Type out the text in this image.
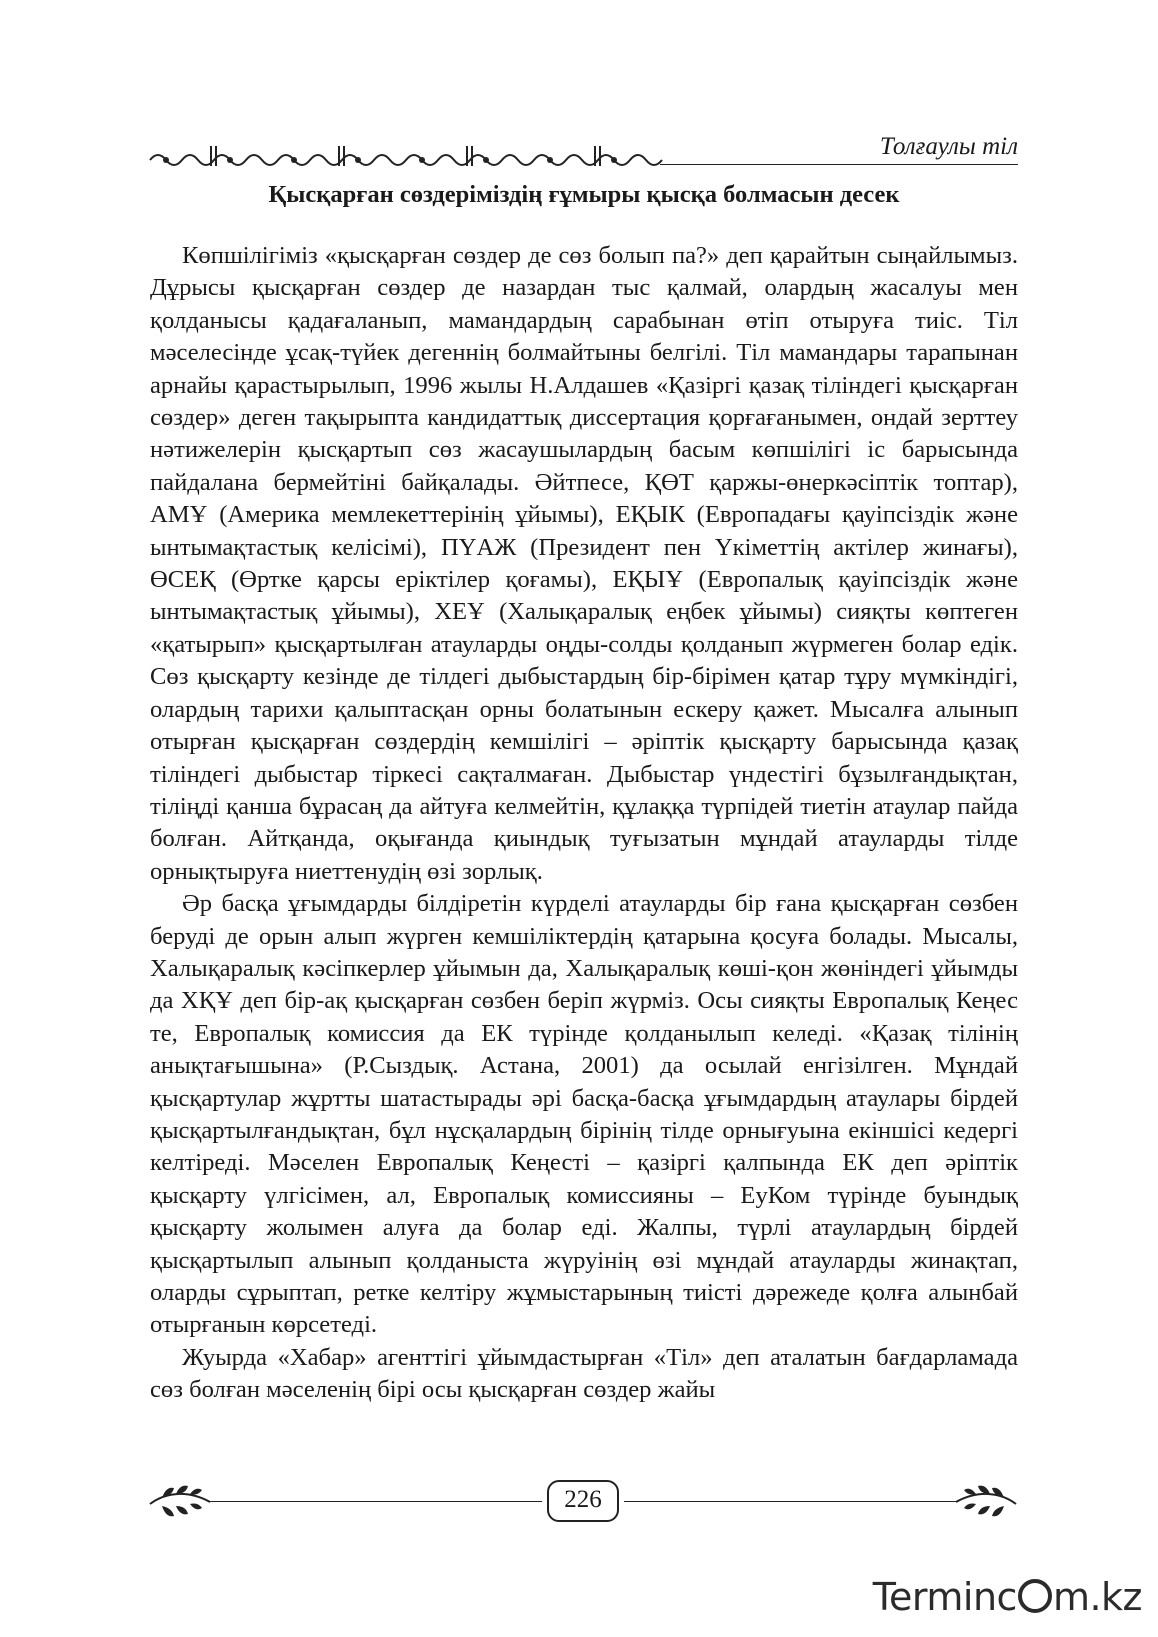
Толғаулы тіл
Қысқарған сөздеріміздің ғұмыры қысқа болмасын десек

Көпшілігіміз «қысқарған сөздер де сөз болып па?» деп қарайтын сыңайлымыз. Дұрысы қысқарған сөздер де назардан тыс қалмай, олардың жасалуы мен қолданысы қадағаланып, мамандардың сарабынан өтіп отыруға тиіс. Тіл мәселесінде ұсақ-түйек дегеннің болмайтыны белгілі. Тіл мамандары тарапынан арнайы қарастырылып, 1996 жылы Н.Алдашев «Қазіргі қазақ тіліндегі қысқарған сөздер» деген тақырыпта кандидаттық диссертация қорғағанымен, ондай зерттеу нәтижелерін қысқартып сөз жасаушылардың басым көпшілігі іс барысында пайдалана бермейтіні байқалады. Әйтпесе, ҚӨТ қаржы-өнеркәсіптік топтар), АМҰ (Америка мемлекеттерінің ұйымы), ЕҚЫК (Европадағы қауіпсіздік және ынтымақтастық келісімі), ПҮАЖ (Президент пен Үкіметтің актілер жинағы), ӨСЕҚ (Өртке қарсы еріктілер қоғамы), ЕҚЫҰ (Европалық қауіпсіздік және ынтымақтастық ұйымы), ХЕҰ (Халықаралық еңбек ұйымы) сияқты көптеген «қатырып» қысқартылған атауларды оңды-солды қолданып жүрмеген болар едік. Сөз қысқарту кезінде де тілдегі дыбыстардың бір-бірімен қатар тұру мүмкіндігі, олардың тарихи қалыптасқан орны болатынын ескеру қажет. Мысалға алынып отырған қысқарған сөздердің кемшілігі – әріптік қысқарту барысында қазақ тіліндегі дыбыстар тіркесі сақталмаған. Дыбыстар үндестігі бұзылғандықтан, тіліңді қанша бұрасаң да айтуға келмейтін, құлаққа түрпідей тиетін атаулар пайда болған. Айтқанда, оқығанда қиындық туғызатын мұндай атауларды тілде орнықтыруға ниеттенудің өзі зорлық.

Әр басқа ұғымдарды білдіретін күрделі атауларды бір ғана қысқарған сөзбен беруді де орын алып жүрген кемшіліктердің қатарына қосуға болады. Мысалы, Халықаралық кәсіпкерлер ұйымын да, Халықаралық көші-қон жөніндегі ұйымды да ХҚҰ деп бір-ақ қысқарған сөзбен беріп жүрміз. Осы сияқты Европалық Кеңес те, Европалық комиссия да ЕК түрінде қолданылып келеді. «Қазақ тілінің анықтағышына» (Р.Сыздық. Астана, 2001) да осылай енгізілген. Мұндай қысқартулар жұртты шатастырады әрі басқа-басқа ұғымдардың атаулары бірдей қысқартылғандықтан, бұл нұсқалардың бірінің тілде орнығуына екіншісі кедергі келтіреді. Мәселен Европалық Кеңесті – қазіргі қалпында ЕК деп әріптік қысқарту үлгісімен, ал, Европалық комиссияны – ЕуКом түрінде буындық қысқарту жолымен алуға да болар еді. Жалпы, түрлі атаулардың бірдей қысқартылып алынып қолданыста жүруінің өзі мұндай атауларды жинақтап, оларды сұрыптап, ретке келтіру жұмыстарының тиісті дәрежеде қолға алынбай отырғанын көрсетеді.

Жуырда «Хабар» агенттігі ұйымдастырған «Тіл» деп аталатын бағдарламада сөз болған мәселенің бірі осы қысқарған сөздер жайы

226
Terminc m.kz
